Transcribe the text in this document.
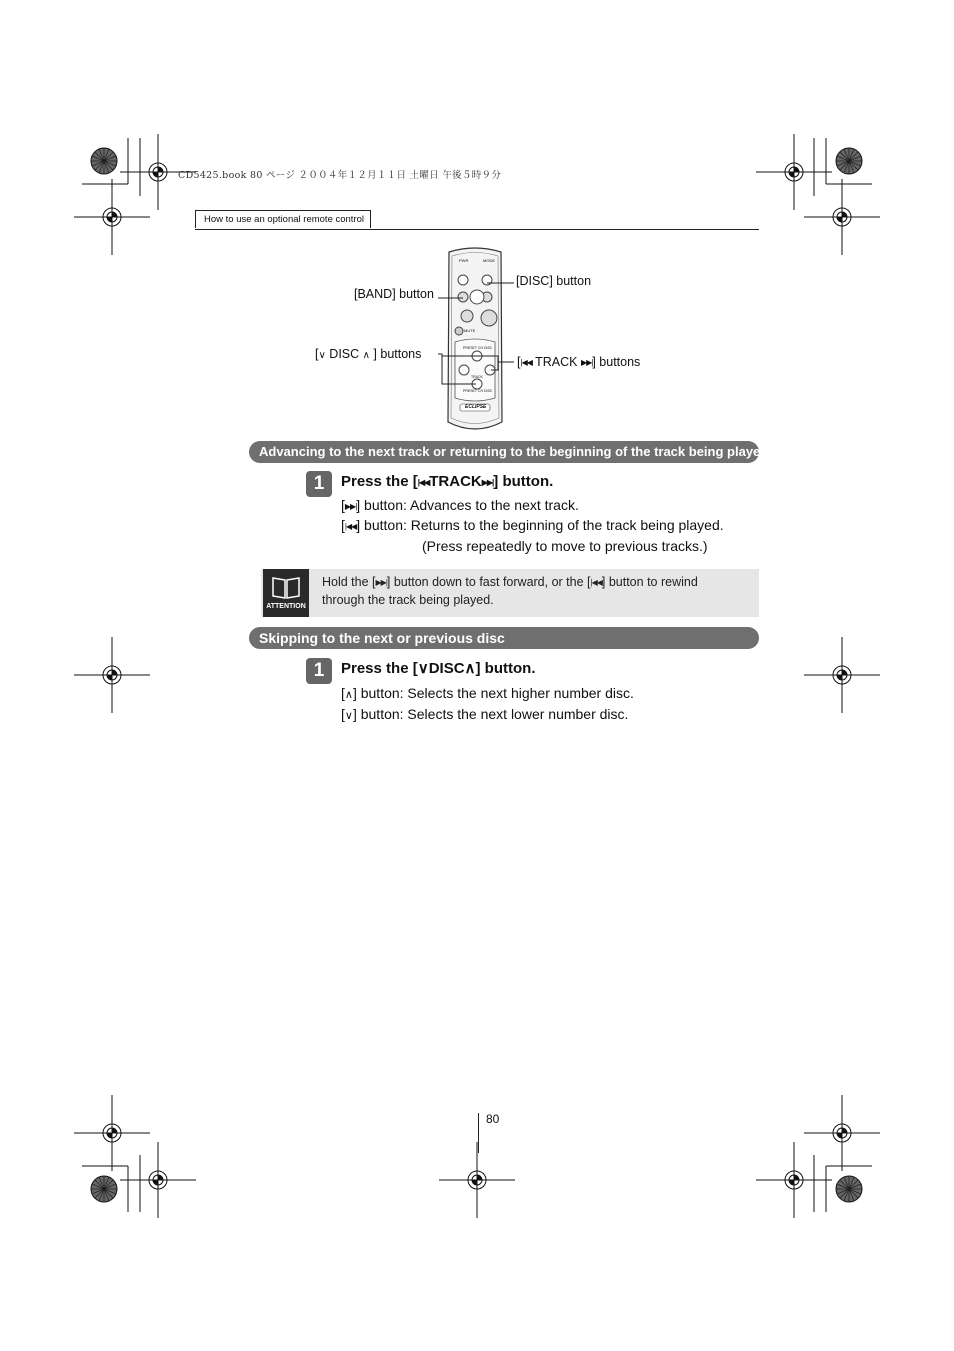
CD5425.book 80 ページ ２００４年１２月１１日 土曜日 午後５時９分
How to use an optional remote control
PWR	MODE
MUTE
PRESET CH DISC
TRACK
PRESET CH DISC
ECLIPSE
[BAND] button
[DISC] button
[∨ DISC ∧ ] buttons
[|◀◀ TRACK ▶▶|] buttons
Advancing to the next track or returning to the beginning of the track being played
1	Press the [|◀◀TRACK▶▶|] button.
[▶▶|] button: Advances to the next track.
[|◀◀] button: Returns to the beginning of the track being played.
(Press repeatedly to move to previous tracks.)
ATTENTION
Hold the [▶▶|] button down to fast forward, or the [|◀◀] button to rewind
through the track being played.
Skipping to the next or previous disc
1	Press the [∨DISC∧] button.
[∧] button: Selects the next higher number disc.
[∨] button: Selects the next lower number disc.
80
